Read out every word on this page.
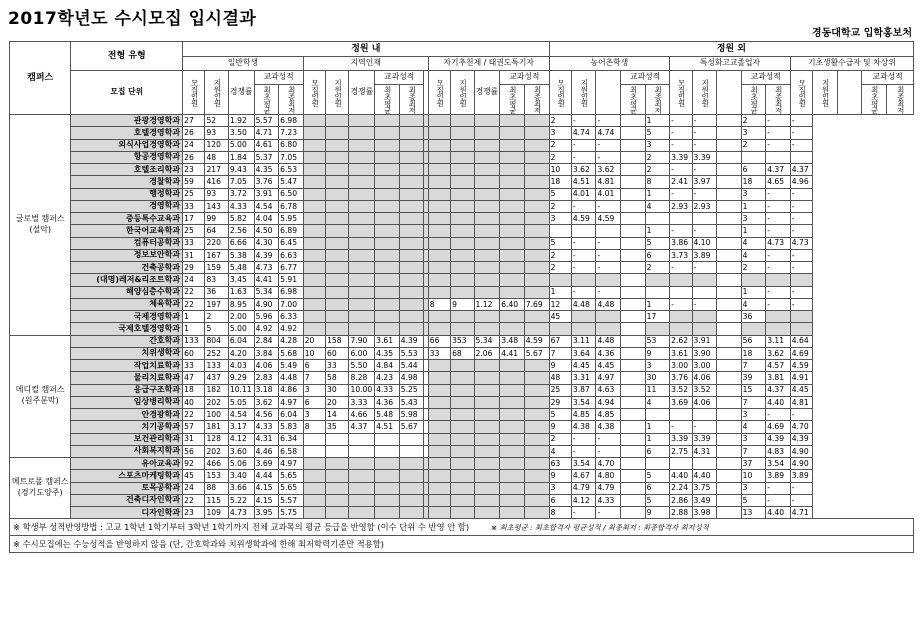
2017학년도 수시모집 입시결과
경동대학교 입학홍보처
캠퍼스	전형 유형	정원 내																정원 외														
		일반학생					지역인재						자기추천제 / 태권도특기자					농어촌학생					특성화고교졸업자					기초생활수급자 및 차상위				
	모집 단위	모집인원	지원인원	경쟁률	교과성적		모집인원	지원인원	경쟁률	교과성적			모집인원	지원인원	경쟁률	교과성적		모집인원	지원인원		교과성적		모집인원	지원인원		교과성적		모집인원	지원인원		교과성적	
					최초평균	최종최저				최초평균	최종최저					최초평균	최종최저				최초평균	최종최저				최초평균	최종최저				최초평균	최종최저
글로벌 캠퍼스 (설악)	관광경영학과	27	52	1.92	5.57	6.98												2	-	-		1	-	-		2	-	-				
	호텔경영학과	26	93	3.50	4.71	7.23												3	4.74	4.74		5	-	-		3	-	-				
	외식사업경영학과	24	120	5.00	4.61	6.80												2	-	-		3	-	-		2	-	-				
	항공경영학과	26	48	1.84	5.37	7.05												2	-	-		2	3.39	3.39								
	호텔조리학과	23	217	9.43	4.35	6.53												10	3.62	3.62		2	-	-		6	4.37	4.37				
	경찰학과	59	416	7.05	3.76	5.47												18	4.51	4.81		8	2.41	3.97		18	4.65	4.96				
	행정학과	25	93	3.72	3.91	6.50												5	4.01	4.01		1	-	-		3	-	-				
	경영학과	33	143	4.33	4.54	6.78												2	-	-		4	2.93	2.93		1	-	-				
	중등특수교육과	17	99	5.82	4.04	5.95												3	4.59	4.59						3	-	-				
	한국어교육학과	25	64	2.56	4.50	6.89																1	-	-		1	-	-				
	컴퓨터공학과	33	220	6.66	4.30	6.45												5	-	-		5	3.86	4.10		4	4.73	4.73				
	정보보안학과	31	167	5.38	4.39	6.63												2	-	-		6	3.73	3.89		4	-	-				
	건축공학과	29	159	5.48	4.73	6.77												2	-	-		2	-	-		2	-	-				
	(대명)레저&리조트학과	24	83	3.45	4.41	5.91																										
	해양심층수학과	22	36	1.63	5.34	6.98												1	-	-						1	-	-				
	체육학과	22	197	8.95	4.90	7.00							8	9	1.12	6.40	7.69	12	4.48	4.48		1	-	-		4	-	-				
	국제경영학과	1	2	2.00	5.96	6.33												45				17				36						
	국제호텔경영학과	1	5	5.00	4.92	4.92																										
메디컬 캠퍼스 (원주문막)	간호학과	133	804	6.04	2.84	4.28	20	158	7.90	3.61	4.39		66	353	5.34	3.48	4.59	67	3.11	4.48		53	2.62	3.91		56	3.11	4.64				
	치위생학과	60	252	4.20	3.84	5.68	10	60	6.00	4.35	5.53		33	68	2.06	4.41	5.67	7	3.64	4.36		9	3.61	3.90		18	3.62	4.69				
	작업치료학과	33	133	4.03	4.06	5.49	6	33	5.50	4.84	5.44							9	4.45	4.45		3	3.00	3.00		7	4.57	4.59				
	물리치료학과	47	437	9.29	2.83	4.48	7	58	8.28	4.23	4.98							48	3.31	4.97		30	3.76	4.06		39	3.81	4.91				
	응급구조학과	18	182	10.11	3.18	4.86	3	30	10.00	4.33	5.25							25	3.87	4.63		11	3.52	3.52		15	4.37	4.45				
	임상병리학과	40	202	5.05	3.62	4.97	6	20	3.33	4.36	5.43							29	3.54	4.94		4	3.69	4.06		7	4.40	4.81				
	안경광학과	22	100	4.54	4.56	6.04	3	14	4.66	5.48	5.98							5	4.85	4.85						3	-	-				
	치기공학과	57	181	3.17	4.33	5.83	8	35	4.37	4.51	5.67							9	4.38	4.38		1	-	-		4	4.69	4.70				
	보건관리학과	31	128	4.12	4.31	6.34												2	-	-		1	3.39	3.39		3	4.39	4.39				
	사회복지학과	56	202	3.60	4.46	6.58												4	-	-		6	2.75	4.31		7	4.83	4.90				
메트로폴 캠퍼스 (경기도양주)	유아교육과	92	466	5.06	3.69	4.97												63	3.54	4.70						37	3.54	4.90				
	스포츠마케팅학과	45	153	3.40	4.44	5.65												9	4.67	4.80		5	4.40	4.40		10	3.89	3.89				
	토목공학과	24	88	3.66	4.15	5.65												3	4.79	4.79		6	2.24	3.75		3	-	-				
	건축디자인학과	22	115	5.22	4.15	5.57												6	4.12	4.33		5	2.86	3.49		5	-	-				
	디자인학과	23	109	4.73	3.95	5.75												8	-	-		9	2.88	3.98		13	4.40	4.71				
※ 학생부 성적반영방법 : 고교 1학년 1학기부터 3학년 1학기까지 전체 교과목의 평균 등급을 반영함 (이수 단위 수 반영 안 함) ※ 최초평균 : 최초합격자 평균성적 / 최종최저 : 최종합격자 최저성적																																
※ 수시모집에는 수능성적을 반영하지 않음 (단, 간호학과와 치위생학과에 한해 최저학력기준만 적용함)																																
